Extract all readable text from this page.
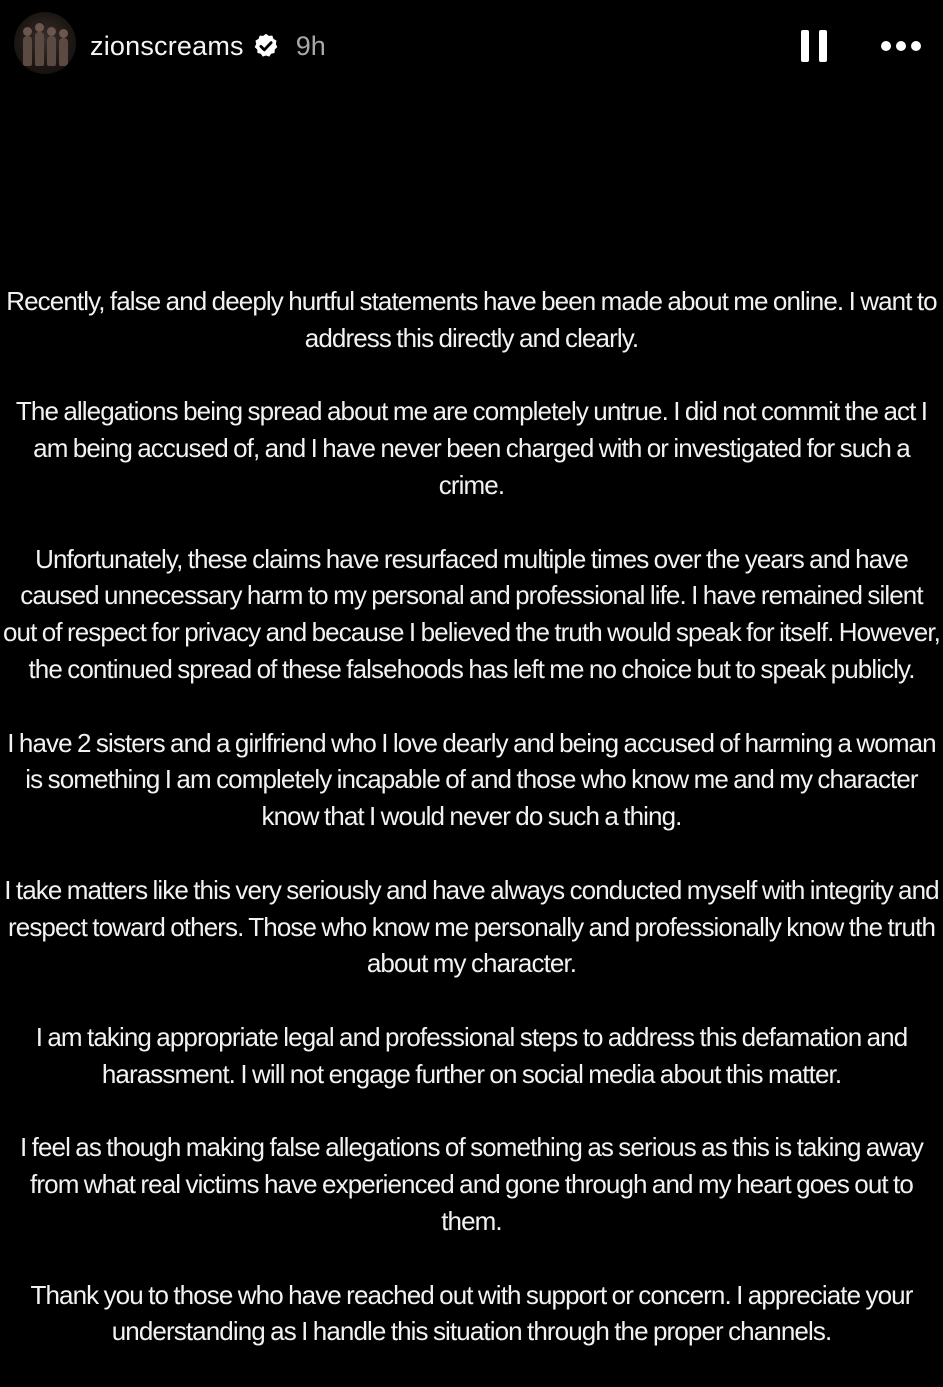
zionscreams 9h

Recently, false and deeply hurtful statements have been made about me online. I want to address this directly and clearly.

The allegations being spread about me are completely untrue. I did not commit the act I am being accused of, and I have never been charged with or investigated for such a crime.

Unfortunately, these claims have resurfaced multiple times over the years and have caused unnecessary harm to my personal and professional life. I have remained silent out of respect for privacy and because I believed the truth would speak for itself. However, the continued spread of these falsehoods has left me no choice but to speak publicly.

I have 2 sisters and a girlfriend who I love dearly and being accused of harming a woman is something I am completely incapable of and those who know me and my character know that I would never do such a thing.

I take matters like this very seriously and have always conducted myself with integrity and respect toward others. Those who know me personally and professionally know the truth about my character.

I am taking appropriate legal and professional steps to address this defamation and harassment. I will not engage further on social media about this matter.

I feel as though making false allegations of something as serious as this is taking away from what real victims have experienced and gone through and my heart goes out to them.

Thank you to those who have reached out with support or concern. I appreciate your understanding as I handle this situation through the proper channels.
